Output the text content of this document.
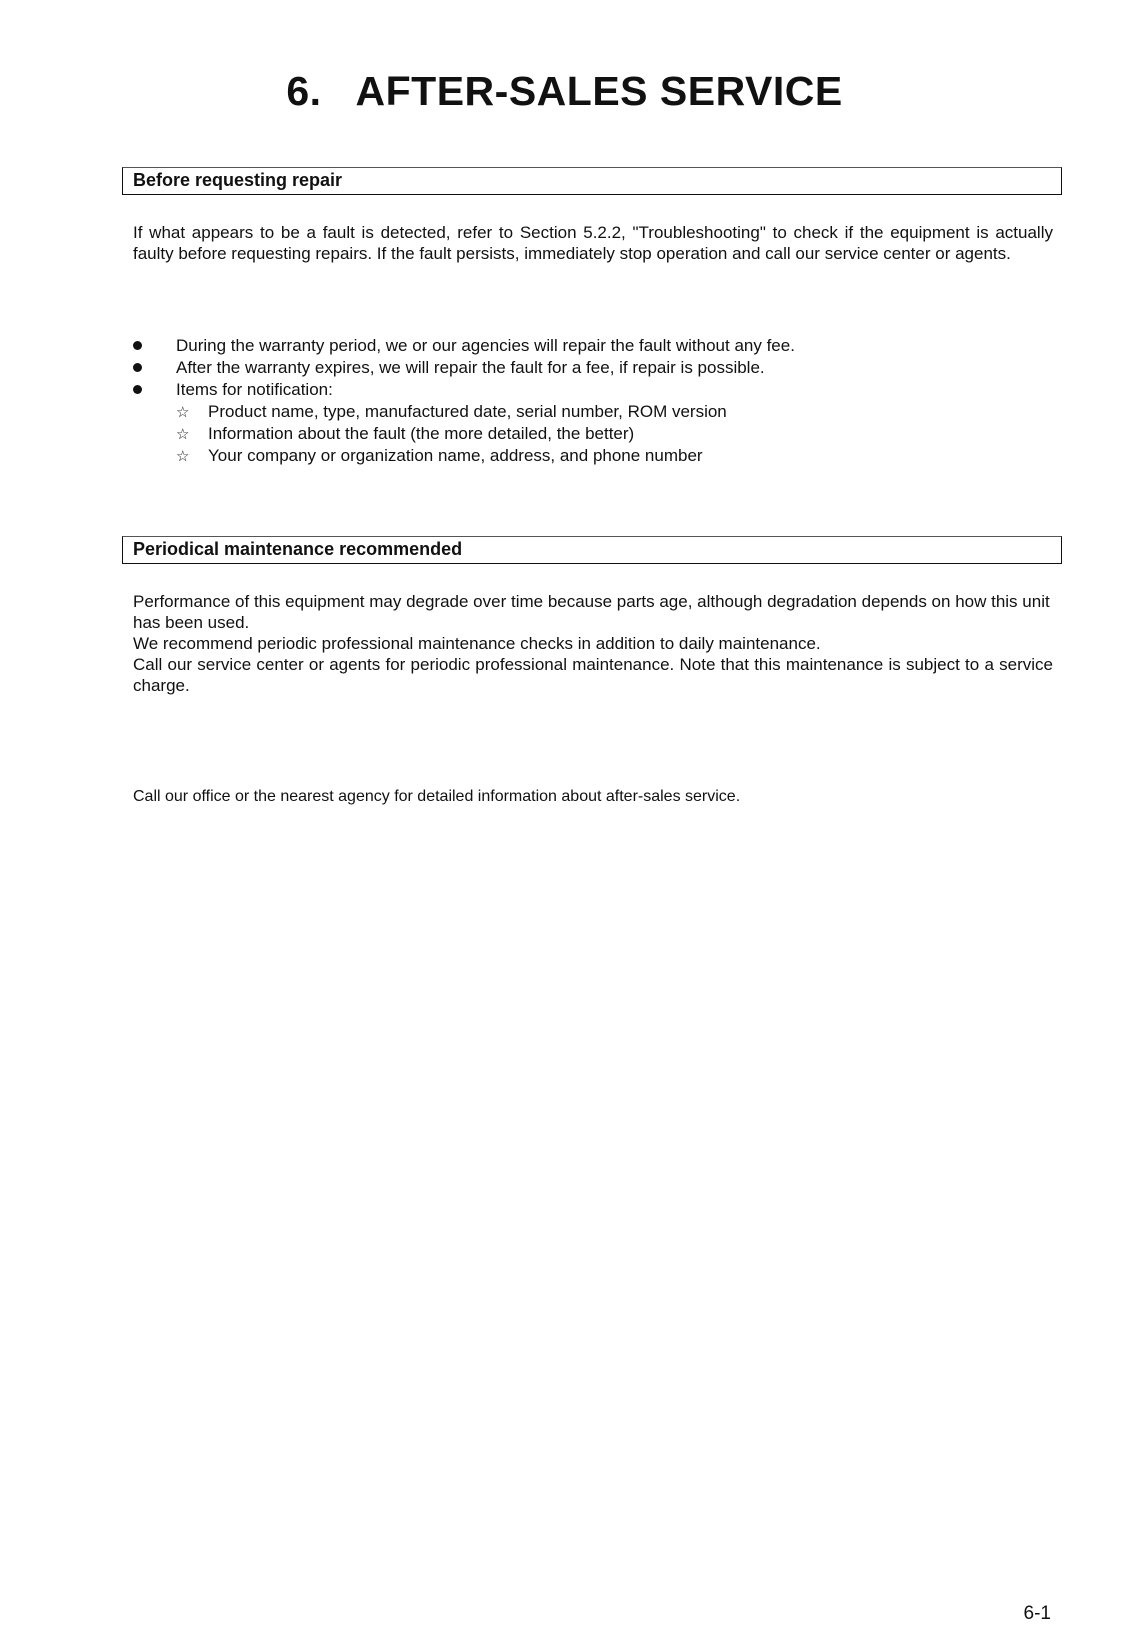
6. AFTER-SALES SERVICE
Before requesting repair

If what appears to be a fault is detected, refer to Section 5.2.2, "Troubleshooting" to check if the equipment is actually faulty before requesting repairs. If the fault persists, immediately stop operation and call our service center or agents.

During the warranty period, we or our agencies will repair the fault without any fee.
After the warranty expires, we will repair the fault for a fee, if repair is possible.
Items for notification:
☆ Product name, type, manufactured date, serial number, ROM version
☆ Information about the fault (the more detailed, the better)
☆ Your company or organization name, address, and phone number
Periodical maintenance recommended

Performance of this equipment may degrade over time because parts age, although degradation depends on how this unit has been used.

We recommend periodic professional maintenance checks in addition to daily maintenance.

Call our service center or agents for periodic professional maintenance. Note that this maintenance is subject to a service charge.

Call our office or the nearest agency for detailed information about after-sales service.
6-1
